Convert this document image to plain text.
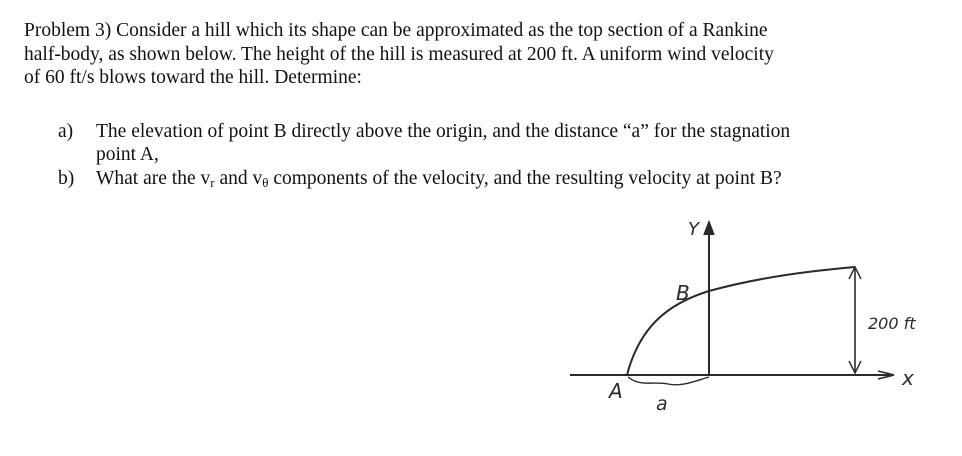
Problem 3) Consider a hill which its shape can be approximated as the top section of a Rankine
half-body, as shown below. The height of the hill is measured at 200 ft. A uniform wind velocity
of 60 ft/s blows toward the hill. Determine:
a) The elevation of point B directly above the origin, and the distance “a” for the stagnation
point A,
b) What are the $v_r$ and $v_\theta$ components of the velocity, and the resulting velocity at point B?
Y
x
B
A
a
200 ft
